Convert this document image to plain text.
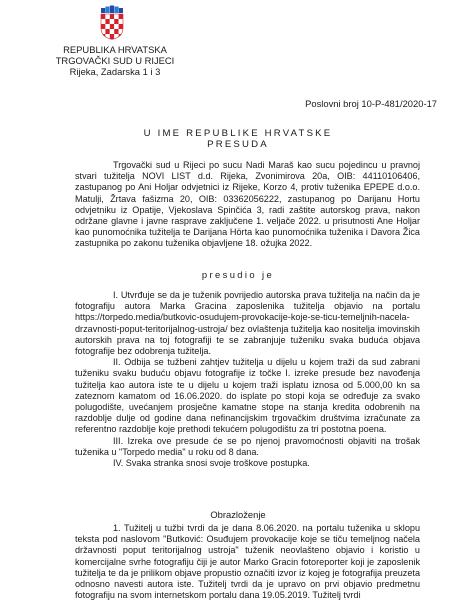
REPUBLIKA HRVATSKA
TRGOVAČKI SUD U RIJECI
Rijeka, Zadarska 1 i 3
Poslovni broj 10-P-481/2020-17
U IME REPUBLIKE HRVATSKE
PRESUDA

Trgovački sud u Rijeci po sucu Nadi Maraš kao sucu pojedincu u pravnoj stvari tužitelja NOVI LIST d.d. Rijeka, Zvonimirova 20a, OIB: 44110106406, zastupanog po Ani Holjar odvjetnici iz Rijeke, Korzo 4, protiv tuženika EPEPE d.o.o. Matulji, Žrtava fašizma 20, OIB: 03362056222, zastupanog po Darijanu Hortu odvjetniku iz Opatije, Vjekoslava Spinčića 3, radi zaštite autorskog prava, nakon održane glavne i javne rasprave zaključene 1. veljače 2022. u prisutnosti Ane Holjar kao punomoćnika tužitelja te Darijana Hörta kao punomoćnika tuženika i Davora Žica zastupnika po zakonu tuženika objavljene 18. ožujka 2022.

presudio je

I. Utvrđuje se da je tuženik povrijedio autorska prava tužitelja na način da je fotografiju autora Marka Gracina zaposlenika tužitelja objavio na portalu https://torpedo.media/butkovic-osudujem-provokacije-koje-se-ticu-temeljnih-nacela-drzavnosti-poput-teritorijalnog-ustroja/ bez ovlaštenja tužitelja kao nositelja imovinskih autorskih prava na toj fotografiji te se zabranjuje tuženiku svaka buduća objava fotografije bez odobrenja tužitelja.

II. Odbija se tužbeni zahtjev tužitelja u dijelu u kojem traži da sud zabrani tuženiku svaku buduću objavu fotografije iz točke I. izreke presude bez navođenja tužitelja kao autora iste te u dijelu u kojem traži isplatu iznosa od 5.000,00 kn sa zateznom kamatom od 16.06.2020. do isplate po stopi koja se određuje za svako polugodište, uvećanjem prosječne kamatne stope na stanja kredita odobrenih na razdoblje dulje od godine dana nefinancijskim trgovačkim društvima izračunate za referentno razdoblje koje prethodi tekućem polugodištu za tri postotna poena.

III. Izreka ove presude će se po njenoj pravomoćnosti objaviti na trošak tuženika u "Torpedo media" u roku od 8 dana.

IV. Svaka stranka snosi svoje troškove postupka.

Obrazloženje

1. Tužitelj u tužbi tvrdi da je dana 8.06.2020. na portalu tuženika u sklopu teksta pod naslovom "Butković: Osuđujem provokacije koje se tiču temeljnog načela državnosti poput teritorijalnog ustroja" tuženik neovlašteno objavio i koristio u komercijalne svrhe fotografiju čiji je autor Marko Gracin fotoreporter koji je zaposlenik tužitelja te da je prilikom objave propustio označiti izvor iz kojeg je fotografija preuzeta odnosno navesti autora iste. Tužitelj tvrdi da je upravo on prvi objavio predmetnu fotografiju na svom internetskom portalu dana 19.05.2019. Tužitelj tvrdi
